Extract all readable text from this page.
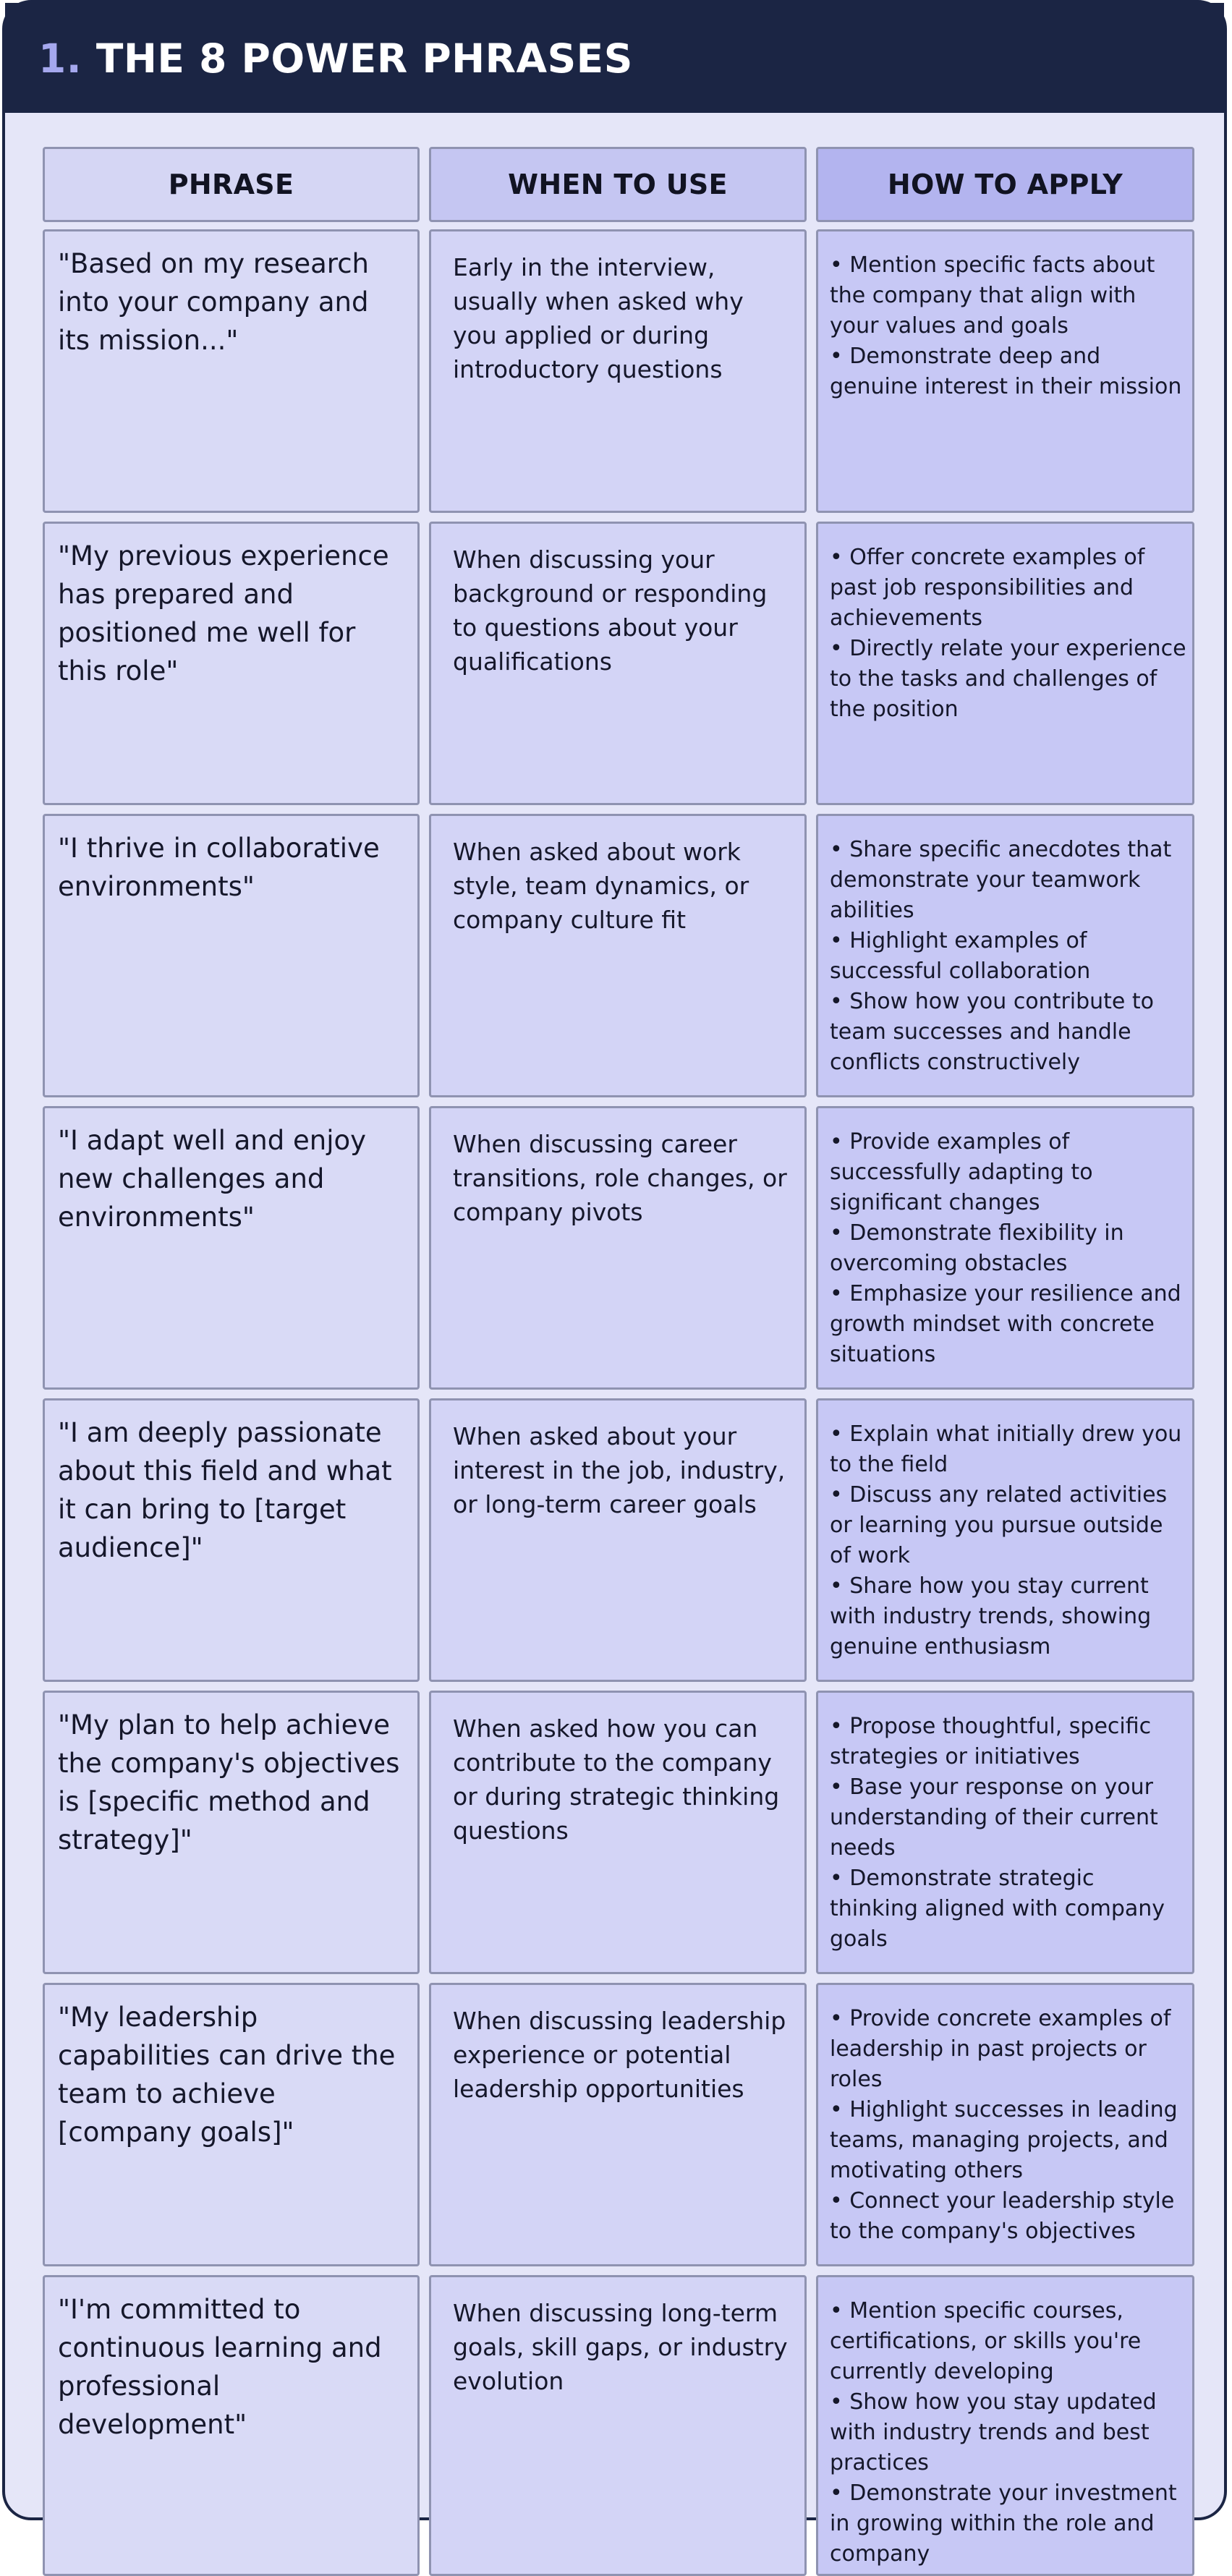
1. THE 8 POWER PHRASES
PHRASE	WHEN TO USE	HOW TO APPLY

"Based on my research into your company and its mission..."

Early in the interview, usually when asked why you applied or during introductory questions

• Mention specific facts about the company that align with your values and goals
• Demonstrate deep and genuine interest in their mission

"My previous experience has prepared and positioned me well for this role"

When discussing your background or responding to questions about your qualifications

• Offer concrete examples of past job responsibilities and achievements
• Directly relate your experience to the tasks and challenges of the position

"I thrive in collaborative environments"

When asked about work style, team dynamics, or company culture fit

• Share specific anecdotes that demonstrate your teamwork abilities
• Highlight examples of successful collaboration
• Show how you contribute to team successes and handle conflicts constructively

"I adapt well and enjoy new challenges and environments"

When discussing career transitions, role changes, or company pivots

• Provide examples of successfully adapting to significant changes
• Demonstrate flexibility in overcoming obstacles
• Emphasize your resilience and growth mindset with concrete situations

"I am deeply passionate about this field and what it can bring to [target audience]"

When asked about your interest in the job, industry, or long-term career goals

• Explain what initially drew you to the field
• Discuss any related activities or learning you pursue outside of work
• Share how you stay current with industry trends, showing genuine enthusiasm

"My plan to help achieve the company's objectives is [specific method and strategy]"

When asked how you can contribute to the company or during strategic thinking questions

• Propose thoughtful, specific strategies or initiatives
• Base your response on your understanding of their current needs
• Demonstrate strategic thinking aligned with company goals

"My leadership capabilities can drive the team to achieve [company goals]"

When discussing leadership experience or potential leadership opportunities

• Provide concrete examples of leadership in past projects or roles
• Highlight successes in leading teams, managing projects, and motivating others
• Connect your leadership style to the company's objectives

"I'm committed to continuous learning and professional development"

When discussing long-term goals, skill gaps, or industry evolution

• Mention specific courses, certifications, or skills you're currently developing
• Show how you stay updated with industry trends and best practices
• Demonstrate your investment in growing within the role and company
